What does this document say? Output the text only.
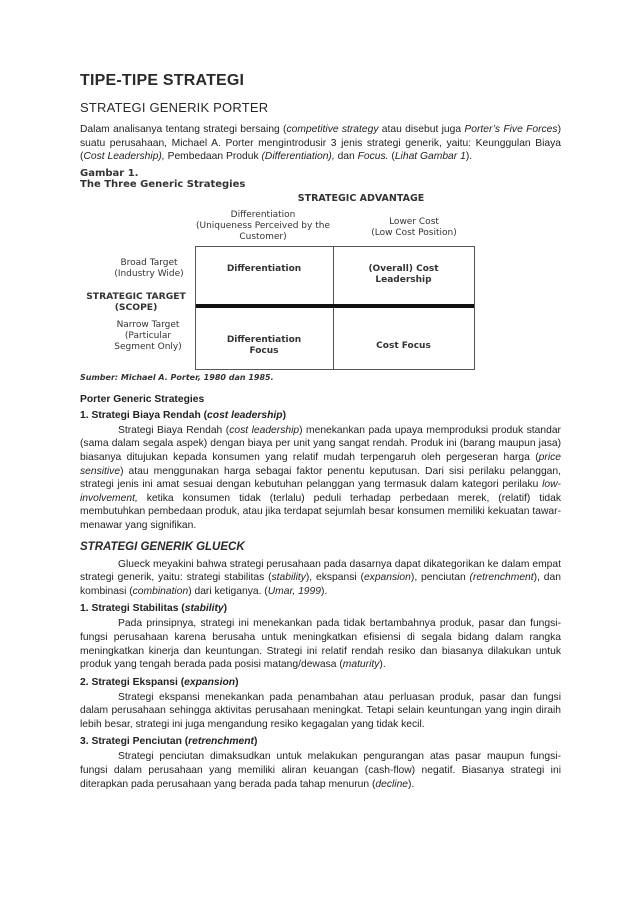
TIPE-TIPE STRATEGI
STRATEGI GENERIK PORTER

Dalam analisanya tentang strategi bersaing (competitive strategy atau disebut juga Porter’s Five Forces) suatu perusahaan, Michael A. Porter mengintrodusir 3 jenis strategi generik, yaitu: Keunggulan Biaya (Cost Leadership), Pembedaan Produk (Differentiation), dan Focus. (Lihat Gambar 1).

Gambar 1.
The Three Generic Strategies
STRATEGIC ADVANTAGE
Differentiation
(Uniqueness Perceived by the
Customer)
Lower Cost
(Low Cost Position)
Broad Target
(Industry Wide)
STRATEGIC TARGET
(SCOPE)
Narrow Target
(Particular
Segment Only)
Differentiation	(Overall) Cost
Leadership
Differentiation
Focus	Cost Focus
Sumber: Michael A. Porter, 1980 dan 1985.
Porter Generic Strategies
1. Strategi Biaya Rendah (cost leadership)

Strategi Biaya Rendah (cost leadership) menekankan pada upaya memproduksi produk standar (sama dalam segala aspek) dengan biaya per unit yang sangat rendah. Produk ini (barang maupun jasa) biasanya ditujukan kepada konsumen yang relatif mudah terpengaruh oleh pergeseran harga (price sensitive) atau menggunakan harga sebagai faktor penentu keputusan. Dari sisi perilaku pelanggan, strategi jenis ini amat sesuai dengan kebutuhan pelanggan yang termasuk dalam kategori perilaku low-involvement, ketika konsumen tidak (terlalu) peduli terhadap perbedaan merek, (relatif) tidak membutuhkan pembedaan produk, atau jika terdapat sejumlah besar konsumen memiliki kekuatan tawar-menawar yang signifikan.

STRATEGI GENERIK GLUECK

Glueck meyakini bahwa strategi perusahaan pada dasarnya dapat dikategorikan ke dalam empat strategi generik, yaitu: strategi stabilitas (stability), ekspansi (expansion), penciutan (retrenchment), dan kombinasi (combination) dari ketiganya. (Umar, 1999).

1. Strategi Stabilitas (stability)

Pada prinsipnya, strategi ini menekankan pada tidak bertambahnya produk, pasar dan fungsi-fungsi perusahaan karena berusaha untuk meningkatkan efisiensi di segala bidang dalam rangka meningkatkan kinerja dan keuntungan. Strategi ini relatif rendah resiko dan biasanya dilakukan untuk produk yang tengah berada pada posisi matang/dewasa (maturity).

2. Strategi Ekspansi (expansion)

Strategi ekspansi menekankan pada penambahan atau perluasan produk, pasar dan fungsi dalam perusahaan sehingga aktivitas perusahaan meningkat. Tetapi selain keuntungan yang ingin diraih lebih besar, strategi ini juga mengandung resiko kegagalan yang tidak kecil.

3. Strategi Penciutan (retrenchment)

Strategi penciutan dimaksudkan untuk melakukan pengurangan atas pasar maupun fungsi-fungsi dalam perusahaan yang memiliki aliran keuangan (cash-flow) negatif. Biasanya strategi ini diterapkan pada perusahaan yang berada pada tahap menurun (decline).
